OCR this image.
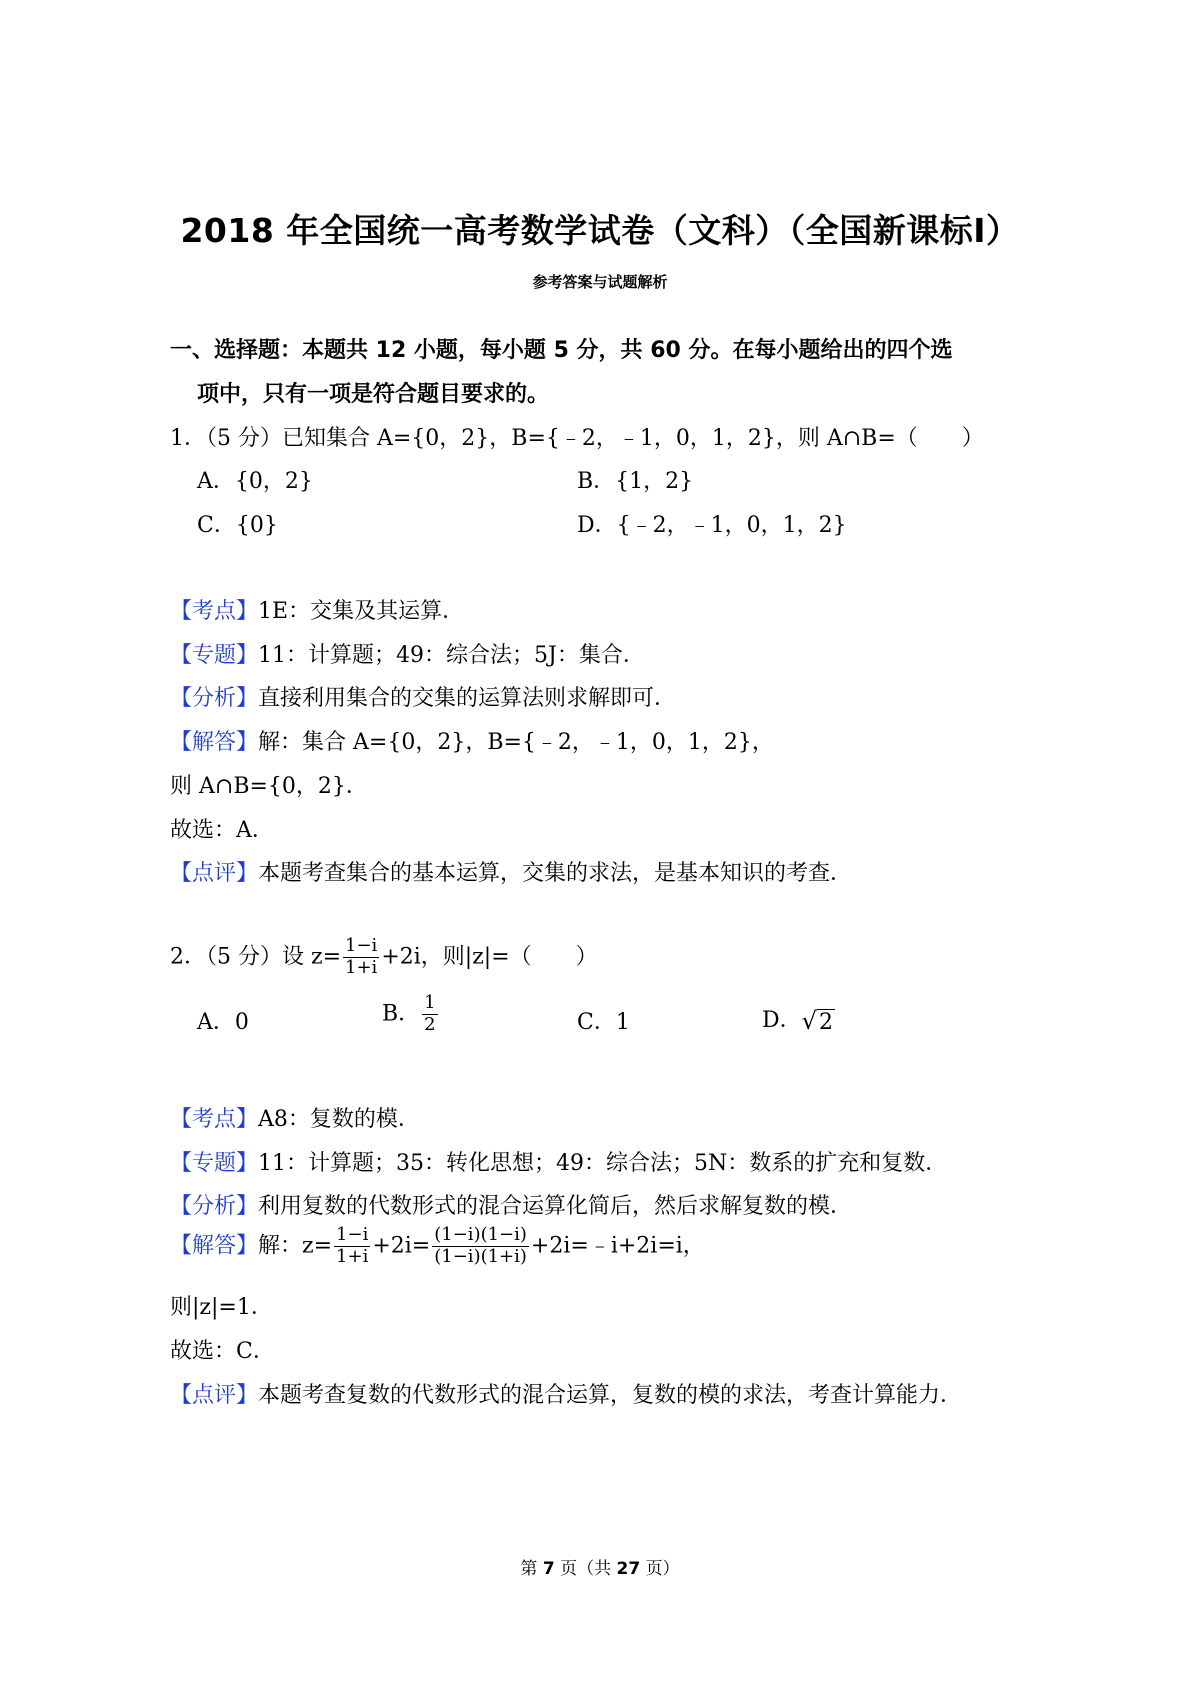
2018 年全国统一高考数学试卷（文科）（全国新课标Ⅰ）
参考答案与试题解析
一、选择题：本题共 12 小题，每小题 5 分，共 60 分。在每小题给出的四个选
项中，只有一项是符合题目要求的。
1．（5 分）已知集合 A={0，2}，B={﹣2，﹣1，0，1，2}，则 A∩B=（　　）
A．{0，2}	B．{1，2}
C．{0}	D．{﹣2，﹣1，0，1，2}
【考点】1E：交集及其运算．
【专题】11：计算题；49：综合法；5J：集合．
【分析】直接利用集合的交集的运算法则求解即可．
【解答】解：集合 A={0，2}，B={﹣2，﹣1，0，1，2}，
则 A∩B={0，2}．
故选：A．
【点评】本题考查集合的基本运算，交集的求法，是基本知识的考查．
2．（5 分）设 $z= \frac{1-i}{1+i} +2i$，则|z|=（　　）
A．0	B． $\frac{1}{2}$	C．1	D．√2
【考点】A8：复数的模．
【专题】11：计算题；35：转化思想；49：综合法；5N：数系的扩充和复数．
【分析】利用复数的代数形式的混合运算化简后，然后求解复数的模．
【解答】解：$z= \frac{1-i}{1+i} +2i= \frac{(1-i)(1-i)}{(1-i)(1+i)}$ +2i=﹣i+2i=i，
则|z|=1．
故选：C．
【点评】本题考查复数的代数形式的混合运算，复数的模的求法，考查计算能力．
第 7 页（共 27 页）
